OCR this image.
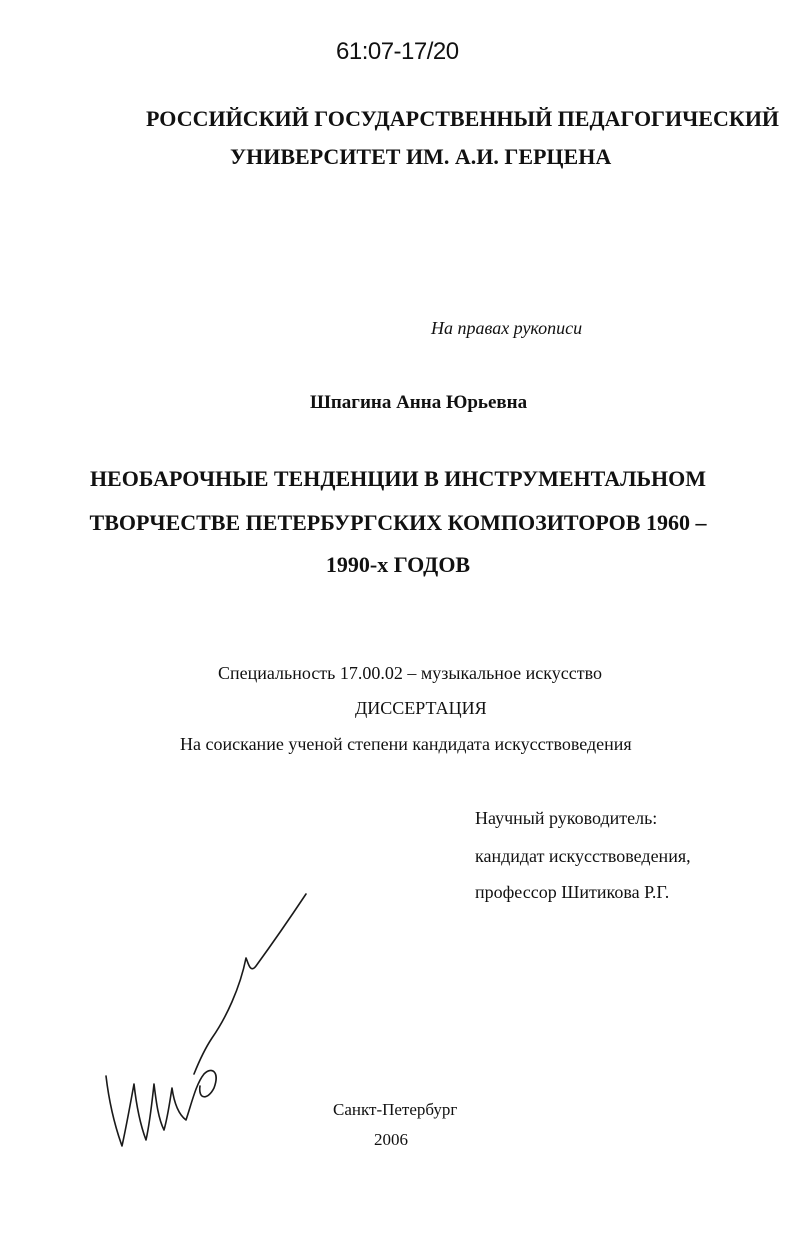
61:07-17/20
РОССИЙСКИЙ ГОСУДАРСТВЕННЫЙ ПЕДАГОГИЧЕСКИЙ
УНИВЕРСИТЕТ ИМ. А.И. ГЕРЦЕНА
На правах рукописи
Шпагина Анна Юрьевна
НЕОБАРОЧНЫЕ ТЕНДЕНЦИИ В ИНСТРУМЕНТАЛЬНОМ
ТВОРЧЕСТВЕ ПЕТЕРБУРГСКИХ КОМПОЗИТОРОВ 1960 –
1990-х ГОДОВ
Специальность 17.00.02 – музыкальное искусство
ДИССЕРТАЦИЯ
На соискание ученой степени кандидата искусствоведения
Научный руководитель:
кандидат искусствоведения,
профессор Шитикова Р.Г.
Санкт-Петербург
2006
